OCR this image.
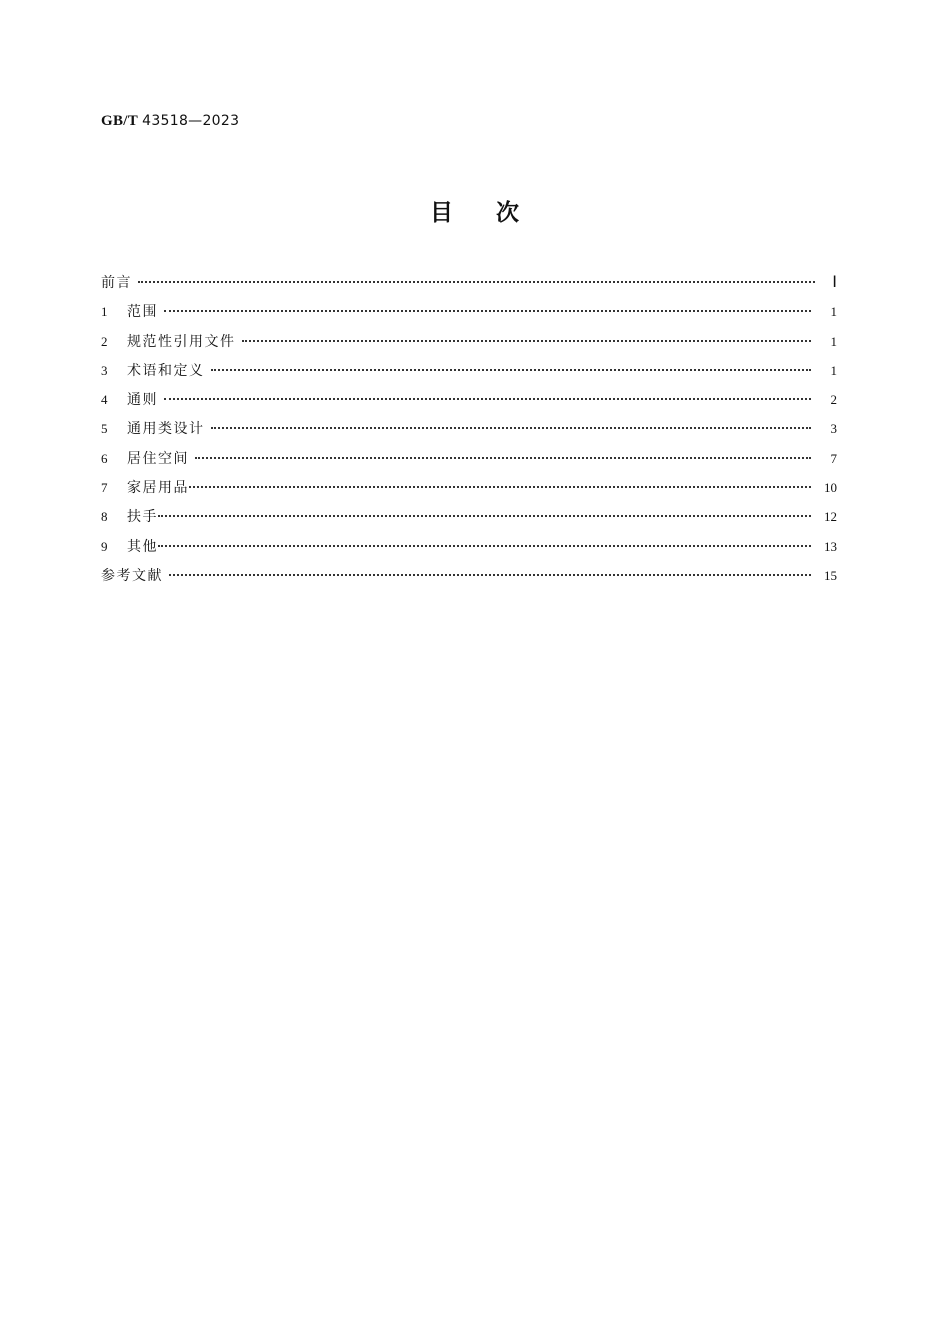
GB/T 43518—2023
目 次
前言	Ⅰ
1	范围	1
2	规范性引用文件	1
3	术语和定义	1
4	通则	2
5	通用类设计	3
6	居住空间	7
7	家居用品	10
8	扶手	12
9	其他	13
参考文献	15
